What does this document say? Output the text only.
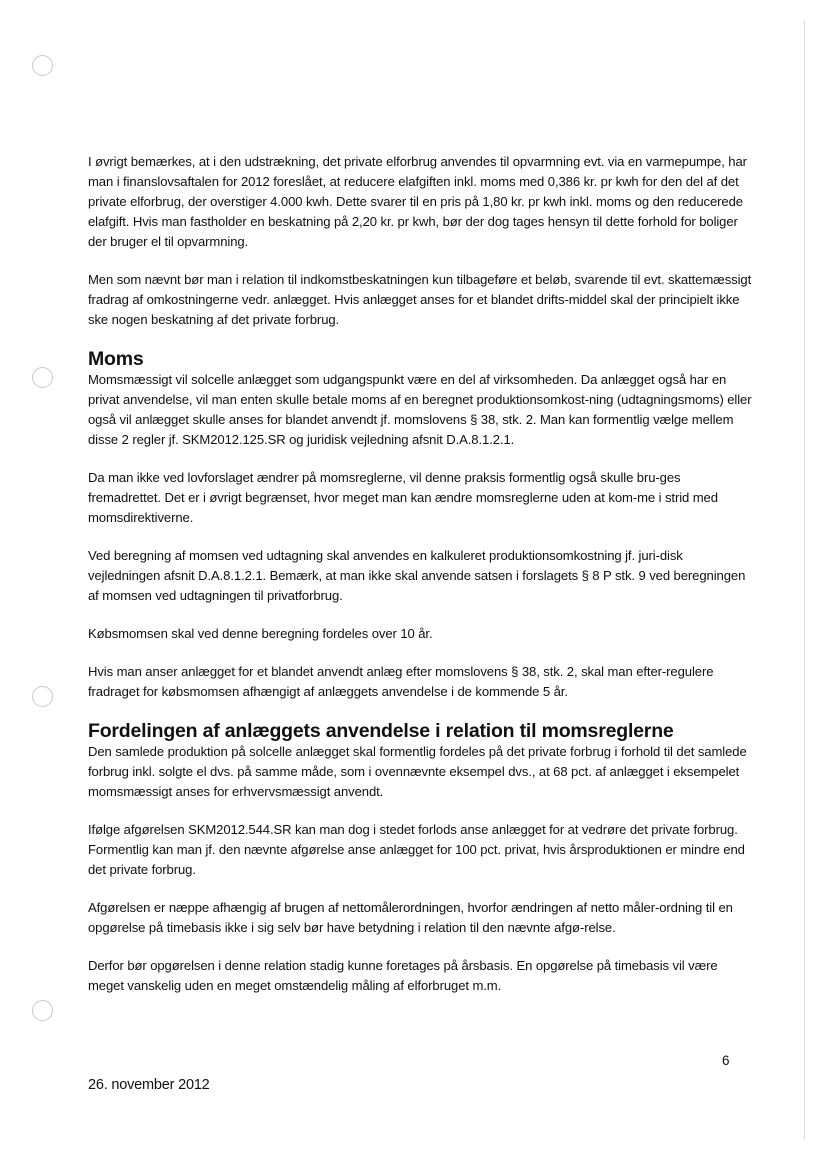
I øvrigt bemærkes, at i den udstrækning, det private elforbrug anvendes til opvarmning evt. via en varmepumpe, har man i finanslovsaftalen for 2012 foreslået, at reducere elafgiften inkl. moms med 0,386 kr. pr kwh for den del af det private elforbrug, der overstiger 4.000 kwh. Dette svarer til en pris på 1,80 kr. pr kwh inkl. moms og den reducerede elafgift. Hvis man fastholder en beskatning på 2,20 kr. pr kwh, bør der dog tages hensyn til dette forhold for boliger der bruger el til opvarmning.

Men som nævnt bør man i relation til indkomstbeskatningen kun tilbageføre et beløb, svarende til evt. skattemæssigt fradrag af omkostningerne vedr. anlægget. Hvis anlægget anses for et blandet drifts-middel skal der principielt ikke ske nogen beskatning af det private forbrug.

Moms

Momsmæssigt vil solcelle anlægget som udgangspunkt være en del af virksomheden. Da anlægget også har en privat anvendelse, vil man enten skulle betale moms af en beregnet produktionsomkost-ning (udtagningsmoms) eller også vil anlægget skulle anses for blandet anvendt jf. momslovens § 38, stk. 2. Man kan formentlig vælge mellem disse 2 regler jf. SKM2012.125.SR og juridisk vejledning afsnit D.A.8.1.2.1.

Da man ikke ved lovforslaget ændrer på momsreglerne, vil denne praksis formentlig også skulle bru-ges fremadrettet. Det er i øvrigt begrænset, hvor meget man kan ændre momsreglerne uden at kom-me i strid med momsdirektiverne.

Ved beregning af momsen ved udtagning skal anvendes en kalkuleret produktionsomkostning jf. juri-disk vejledningen afsnit D.A.8.1.2.1. Bemærk, at man ikke skal anvende satsen i forslagets § 8 P stk. 9 ved beregningen af momsen ved udtagningen til privatforbrug.

Købsmomsen skal ved denne beregning fordeles over 10 år.

Hvis man anser anlægget for et blandet anvendt anlæg efter momslovens § 38, stk. 2, skal man efter-regulere fradraget for købsmomsen afhængigt af anlæggets anvendelse i de kommende 5 år.

Fordelingen af anlæggets anvendelse i relation til momsreglerne

Den samlede produktion på solcelle anlægget skal formentlig fordeles på det private forbrug i forhold til det samlede forbrug inkl. solgte el dvs. på samme måde, som i ovennævnte eksempel dvs., at 68 pct. af anlægget i eksempelet momsmæssigt anses for erhvervsmæssigt anvendt.

Ifølge afgørelsen SKM2012.544.SR kan man dog i stedet forlods anse anlægget for at vedrøre det private forbrug. Formentlig kan man jf. den nævnte afgørelse anse anlægget for 100 pct. privat, hvis årsproduktionen er mindre end det private forbrug.

Afgørelsen er næppe afhængig af brugen af nettomålerordningen, hvorfor ændringen af netto måler-ordning til en opgørelse på timebasis ikke i sig selv bør have betydning i relation til den nævnte afgø-relse.

Derfor bør opgørelsen i denne relation stadig kunne foretages på årsbasis. En opgørelse på timebasis vil være meget vanskelig uden en meget omstændelig måling af elforbruget m.m.

6
26. november 2012
